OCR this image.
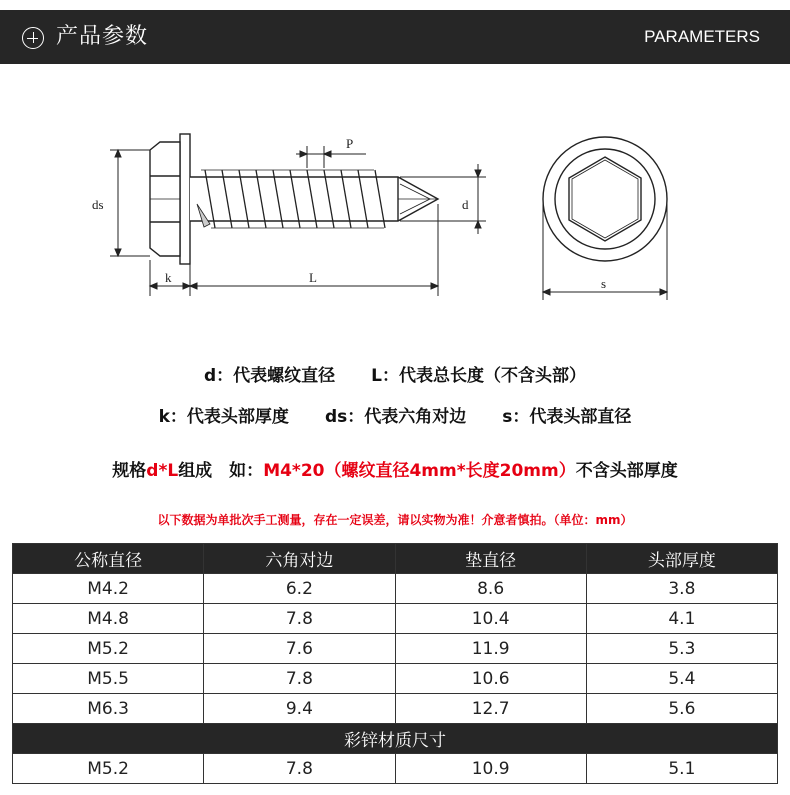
产品参数	PARAMETERS
ds
P
d
k	L	s
d：代表螺纹直径 L：代表总长度（不含头部）
k：代表头部厚度 ds：代表六角对边 s：代表头部直径
规格d*L组成　如：M4*20（螺纹直径4mm*长度20mm）不含头部厚度
以下数据为单批次手工测量，存在一定误差，请以实物为准！介意者慎拍。（单位：mm）
公称直径	六角对边	垫直径	头部厚度
M4.2	6.2	8.6	3.8
M4.8	7.8	10.4	4.1
M5.2	7.6	11.9	5.3
M5.5	7.8	10.6	5.4
M6.3	9.4	12.7	5.6
彩锌材质尺寸			
M5.2	7.8	10.9	5.1
